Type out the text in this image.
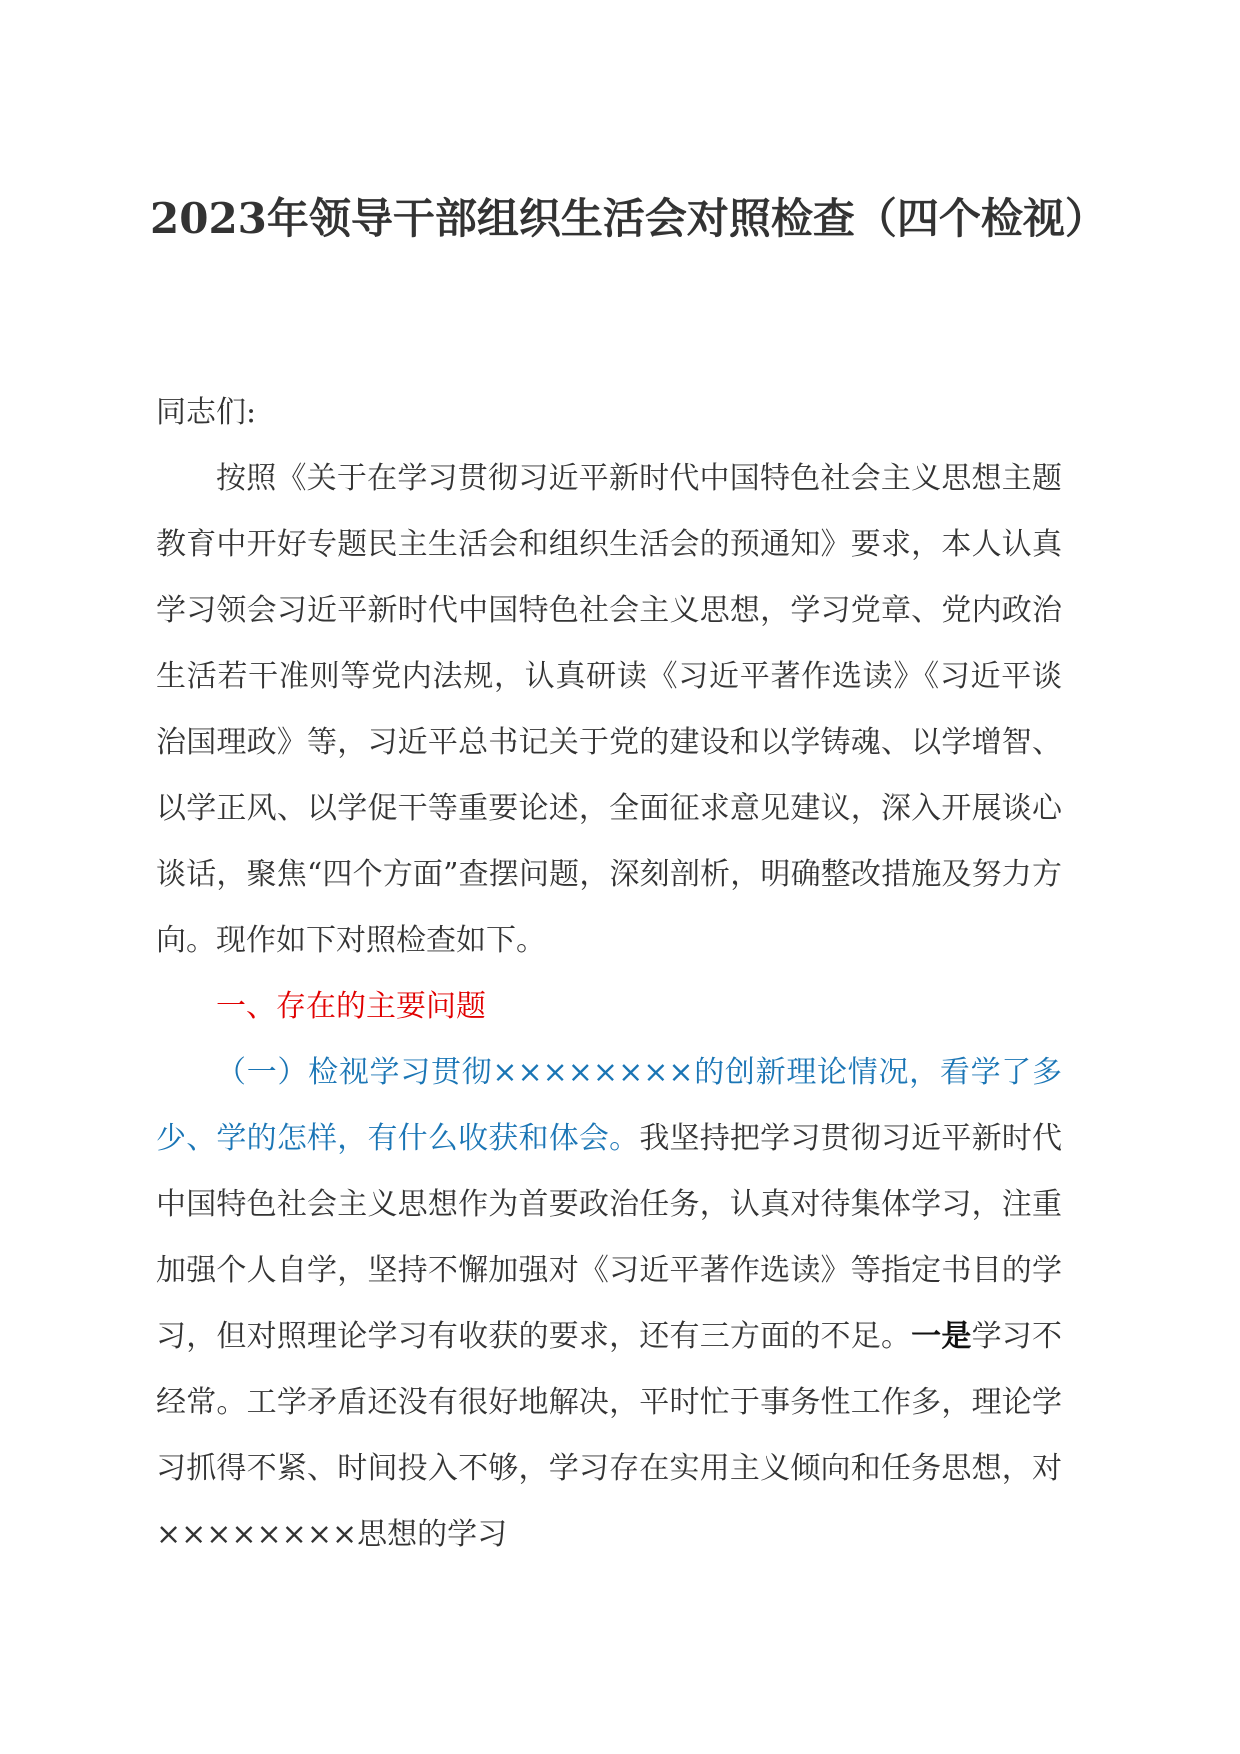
2023年领导干部组织生活会对照检查（四个检视）

同志们:

按照《关于在学习贯彻习近平新时代中国特色社会主义思想主题教育中开好专题民主生活会和组织生活会的预通知》要求，本人认真学习领会习近平新时代中国特色社会主义思想，学习党章、党内政治生活若干准则等党内法规，认真研读《习近平著作选读》《习近平谈治国理政》等，习近平总书记关于党的建设和以学铸魂、以学增智、以学正风、以学促干等重要论述，全面征求意见建议，深入开展谈心谈话，聚焦“四个方面”查摆问题，深刻剖析，明确整改措施及努力方向。现作如下对照检查如下。

一、存在的主要问题

（一）检视学习贯彻××××××××的创新理论情况，看学了多少、学的怎样，有什么收获和体会。我坚持把学习贯彻习近平新时代中国特色社会主义思想作为首要政治任务，认真对待集体学习，注重加强个人自学，坚持不懈加强对《习近平著作选读》等指定书目的学习，但对照理论学习有收获的要求，还有三方面的不足。一是学习不经常。工学矛盾还没有很好地解决，平时忙于事务性工作多，理论学习抓得不紧、时间投入不够，学习存在实用主义倾向和任务思想，对××××××××思想的学习
